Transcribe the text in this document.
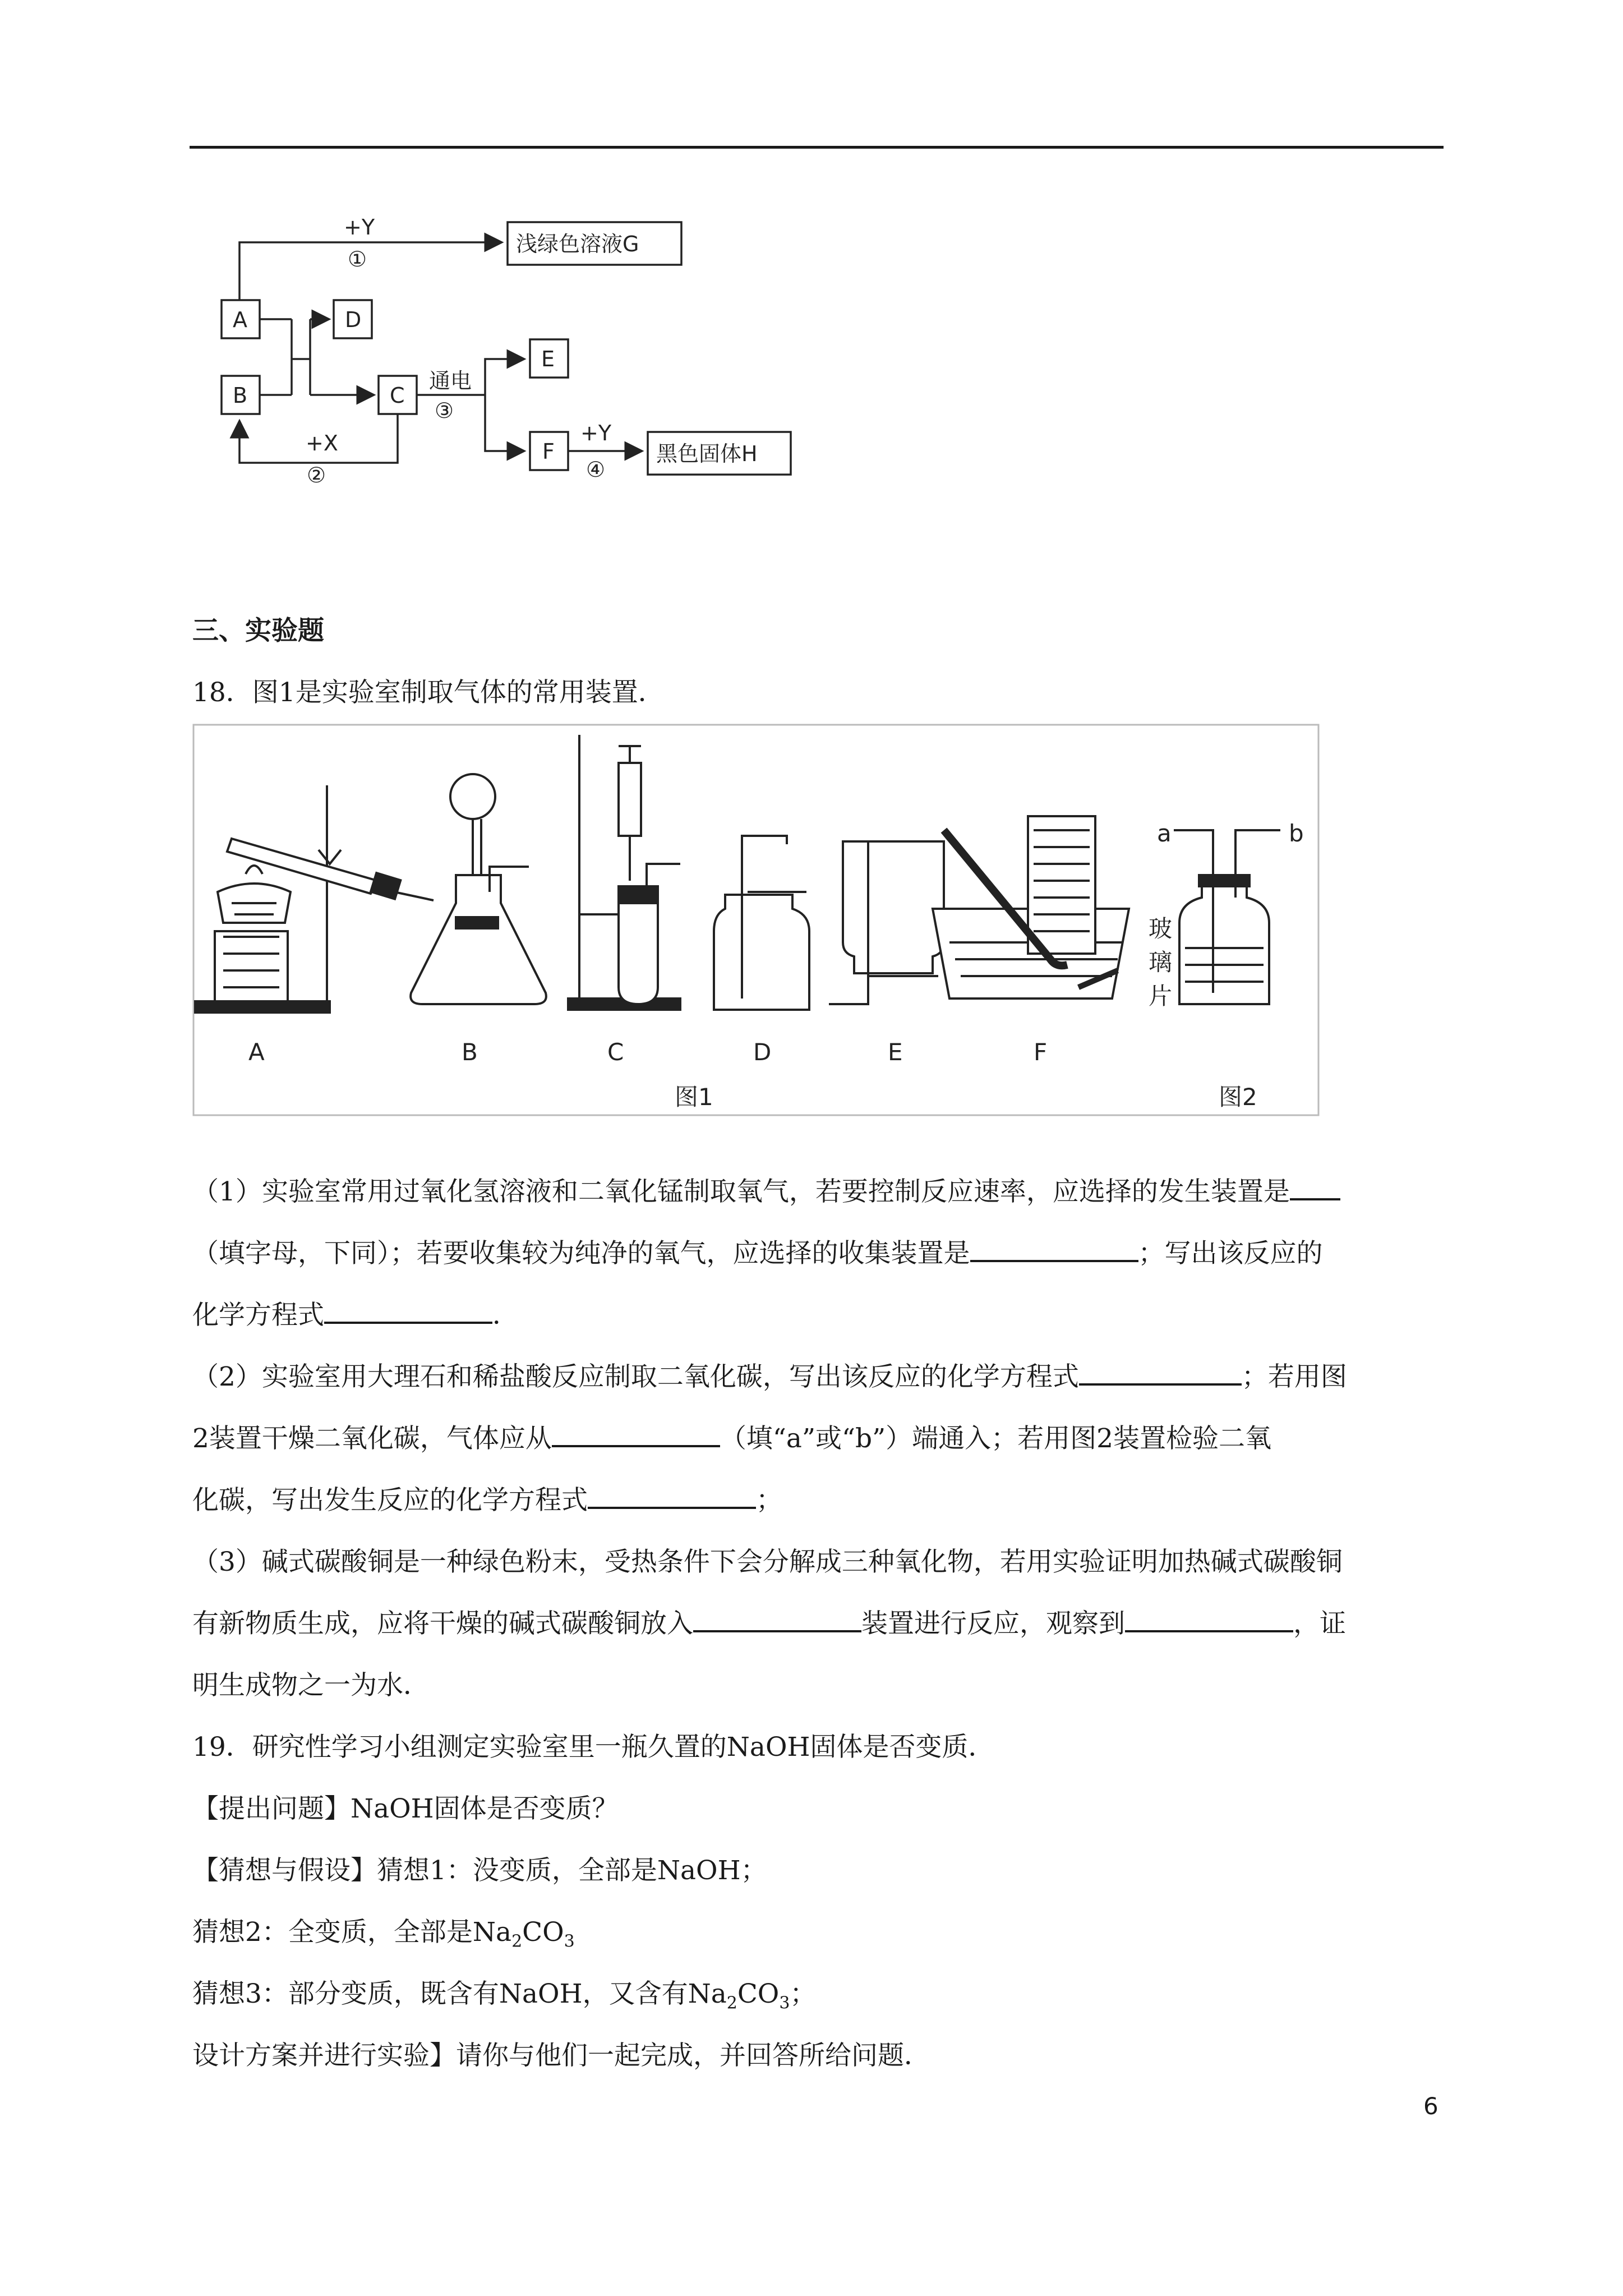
+Y
①
A
B
D
C
E
F
通电
③
+X
②
+Y
④
浅绿色溶液G
黑色固体H
三、实验题
18．图1是实验室制取气体的常用装置．
A	B	C	D	E	F
玻
璃
片
图1	图2
a	b
（1）实验室常用过氧化氢溶液和二氧化锰制取氧气，若要控制反应速率，应选择的发生装置是
（填字母，下同）；若要收集较为纯净的氧气，应选择的收集装置是	；写出该反应的
化学方程式	．
（2）实验室用大理石和稀盐酸反应制取二氧化碳，写出该反应的化学方程式	；若用图
2装置干燥二氧化碳，气体应从	（填“a”或“b”）端通入；若用图2装置检验二氧
化碳，写出发生反应的化学方程式	；
（3）碱式碳酸铜是一种绿色粉末，受热条件下会分解成三种氧化物，若用实验证明加热碱式碳酸铜
有新物质生成，应将干燥的碱式碳酸铜放入	装置进行反应，观察到	，证
明生成物之一为水．
19．研究性学习小组测定实验室里一瓶久置的NaOH固体是否变质．
【提出问题】NaOH固体是否变质？
【猜想与假设】猜想1：没变质，全部是NaOH；
猜想2：全变质，全部是$Na_2CO_3$
猜想3：部分变质，既含有NaOH，又含有$Na_2CO_3$；
设计方案并进行实验】请你与他们一起完成，并回答所给问题．
6
